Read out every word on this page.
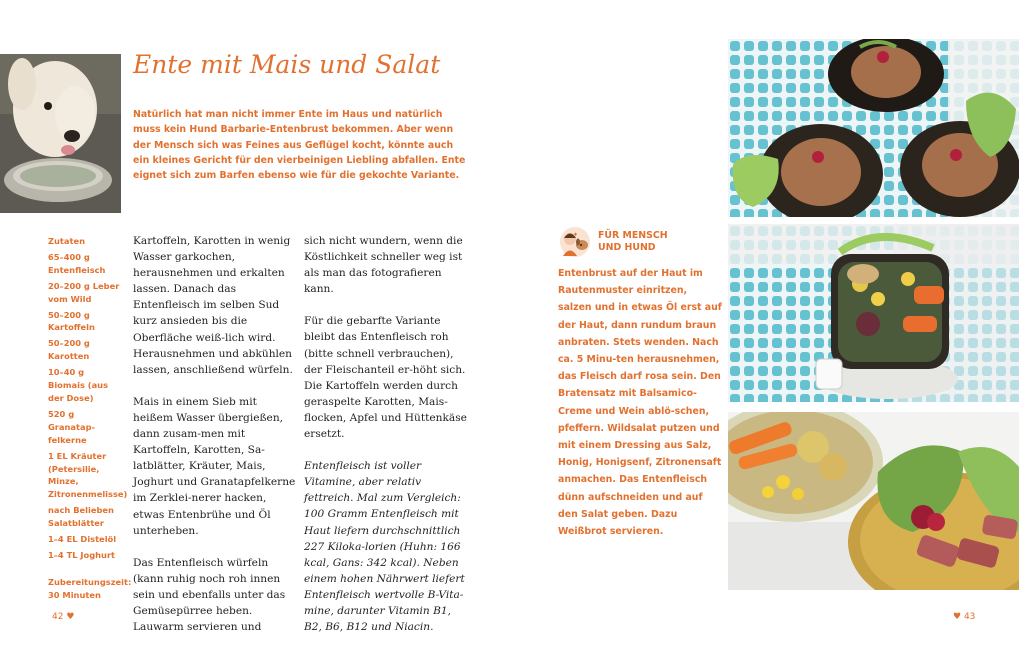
Ente mit Mais und Salat

Natürlich hat man nicht immer Ente im Haus und natürlich muss kein Hund Barbarie-Entenbrust bekommen. Aber wenn der Mensch sich was Feines aus Geflügel kocht, könnte auch ein kleines Gericht für den vierbeinigen Liebling abfallen. Ente eignet sich zum Barfen ebenso wie für die gekochte Variante.

Zutaten
65–400 g Entenfleisch
20–200 g Leber vom Wild
50–200 g Kartoffeln
50–200 g Karotten
10–40 g Biomais (aus der Dose)
520 g Granatap-felkerne
1 EL Kräuter (Petersilie, Minze, Zitronenmelisse)
nach Belieben Salatblätter
1–4 EL Distelöl
1–4 TL Joghurt
Zubereitungszeit:
30 Minuten

Kartoffeln, Karotten in wenig Wasser garkochen, herausnehmen und erkalten lassen. Danach das Entenfleisch im selben Sud kurz ansieden bis die Oberfläche weiß-lich wird. Herausnehmen und abkühlen lassen, anschließend würfeln.

Mais in einem Sieb mit heißem Wasser übergießen, dann zusam-men mit Kartoffeln, Karotten, Sa-latblätter, Kräuter, Mais, Joghurt und Granatapfelkerne im Zerklei-nerer hacken, etwas Entenbrühe und Öl unterheben.

Das Entenfleisch würfeln (kann ruhig noch roh innen sein und ebenfalls unter das Gemüsepürree heben. Lauwarm servieren und

sich nicht wundern, wenn die Köstlichkeit schneller weg ist als man das fotografieren kann.

Für die gebarfte Variante bleibt das Entenfleisch roh (bitte schnell verbrauchen), der Fleischanteil er-höht sich. Die Kartoffeln werden durch geraspelte Karotten, Mais-flocken, Apfel und Hüttenkäse ersetzt.

Entenfleisch ist voller Vitamine, aber relativ fettreich. Mal zum Vergleich: 100 Gramm Entenfleisch mit Haut liefern durchschnittlich 227 Kiloka-lorien (Huhn: 166 kcal, Gans: 342 kcal). Neben einem hohen Nährwert liefert Entenfleisch wertvolle B-Vita-mine, darunter Vitamin B1, B2, B6, B12 und Niacin.

FÜR MENSCH
UND HUND
Entenbrust auf der Haut im Rautenmuster einritzen, salzen und in etwas Öl erst auf der Haut, dann rundum braun anbraten. Stets wenden. Nach ca. 5 Minu-ten herausnehmen, das Fleisch darf rosa sein. Den Bratensatz mit Balsamico-Creme und Wein ablö-schen, pfeffern. Wildsalat putzen und mit einem Dressing aus Salz, Honig, Honigsenf, Zitronensaft anmachen. Das Entenfleisch dünn aufschneiden und auf den Salat geben. Dazu Weißbrot servieren.
42 ♥	♥ 43
